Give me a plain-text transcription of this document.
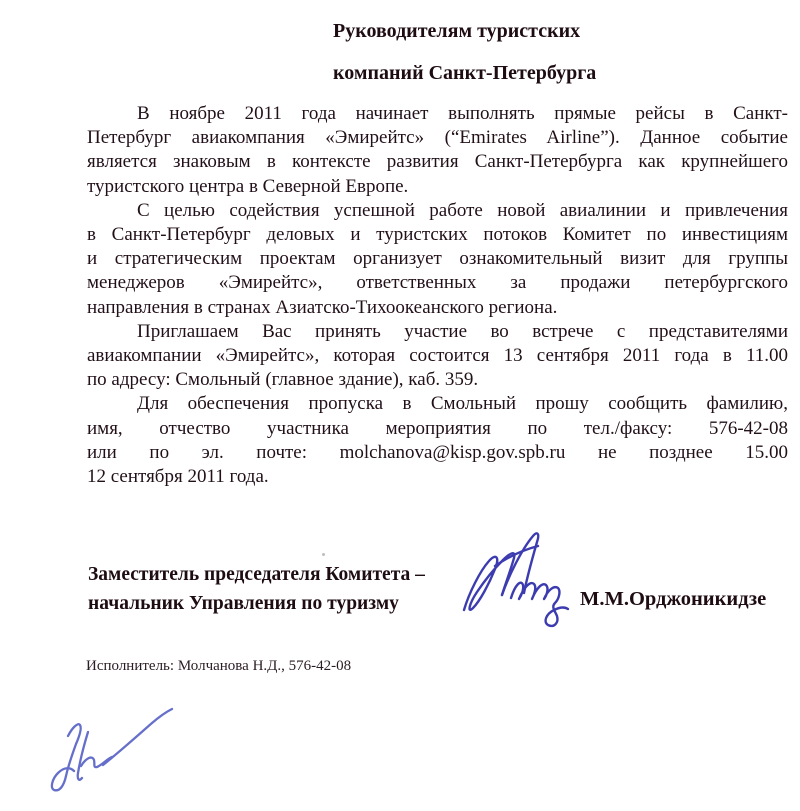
Руководителям туристских
компаний Санкт-Петербурга
В ноябре 2011 года начинает выполнять прямые рейсы в Санкт-
Петербург авиакомпания «Эмирейтс» (“Emirates Airline”). Данное событие
является знаковым в контексте развития Санкт-Петербурга как крупнейшего
туристского центра в Северной Европе.
С целью содействия успешной работе новой авиалинии и привлечения
в Санкт-Петербург деловых и туристских потоков Комитет по инвестициям
и стратегическим проектам организует ознакомительный визит для группы
менеджеров «Эмирейтс», ответственных за продажи петербургского
направления в странах Азиатско-Тихоокеанского региона.
Приглашаем Вас принять участие во встрече с представителями
авиакомпании «Эмирейтс», которая состоится 13 сентября 2011 года в 11.00
по адресу: Смольный (главное здание), каб. 359.
Для обеспечения пропуска в Смольный прошу сообщить фамилию,
имя, отчество участника мероприятия по тел./факсу: 576-42-08
или по эл. почте: molchanova@kisp.gov.spb.ru не позднее 15.00
12 сентября 2011 года.
Заместитель председателя Комитета –
начальник Управления по туризму	М.М.Орджоникидзе
Исполнитель: Молчанова Н.Д., 576-42-08
